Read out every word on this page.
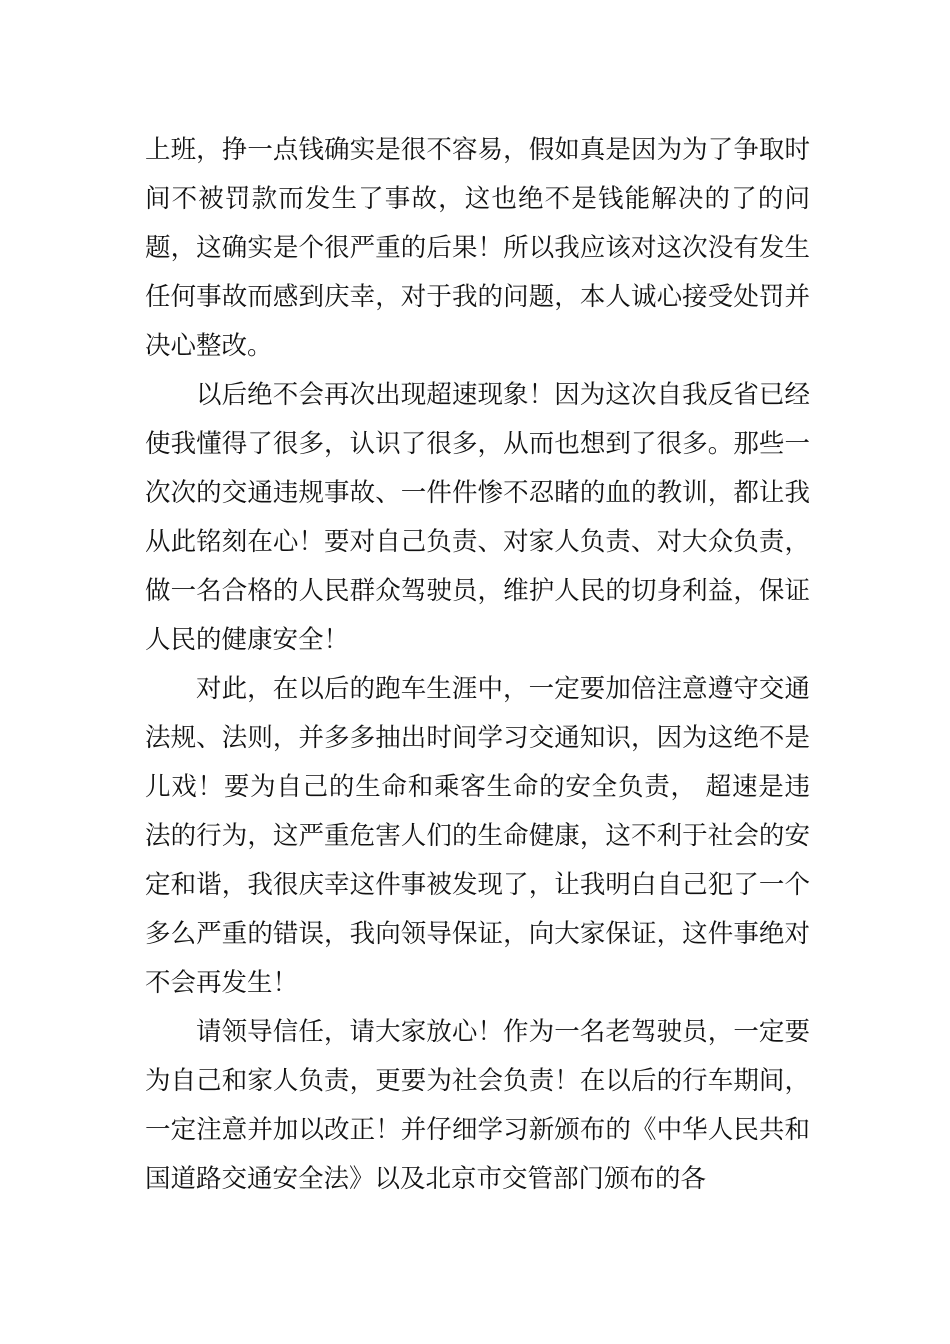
上班，挣一点钱确实是很不容易，假如真是因为为了争取时间不被罚款而发生了事故，这也绝不是钱能解决的了的问题，这确实是个很严重的后果！所以我应该对这次没有发生任何事故而感到庆幸，对于我的问题，本人诚心接受处罚并决心整改。

以后绝不会再次出现超速现象！因为这次自我反省已经使我懂得了很多，认识了很多，从而也想到了很多。那些一次次的交通违规事故、一件件惨不忍睹的血的教训，都让我从此铭刻在心！要对自己负责、对家人负责、对大众负责，做一名合格的人民群众驾驶员，维护人民的切身利益，保证人民的健康安全！

对此，在以后的跑车生涯中，一定要加倍注意遵守交通法规、法则，并多多抽出时间学习交通知识，因为这绝不是儿戏！要为自己的生命和乘客生命的安全负责， 超速是违法的行为，这严重危害人们的生命健康，这不利于社会的安定和谐，我很庆幸这件事被发现了，让我明白自己犯了一个多么严重的错误，我向领导保证，向大家保证，这件事绝对不会再发生！

请领导信任，请大家放心！作为一名老驾驶员，一定要为自己和家人负责，更要为社会负责！在以后的行车期间，一定注意并加以改正！并仔细学习新颁布的《中华人民共和国道路交通安全法》以及北京市交管部门颁布的各
